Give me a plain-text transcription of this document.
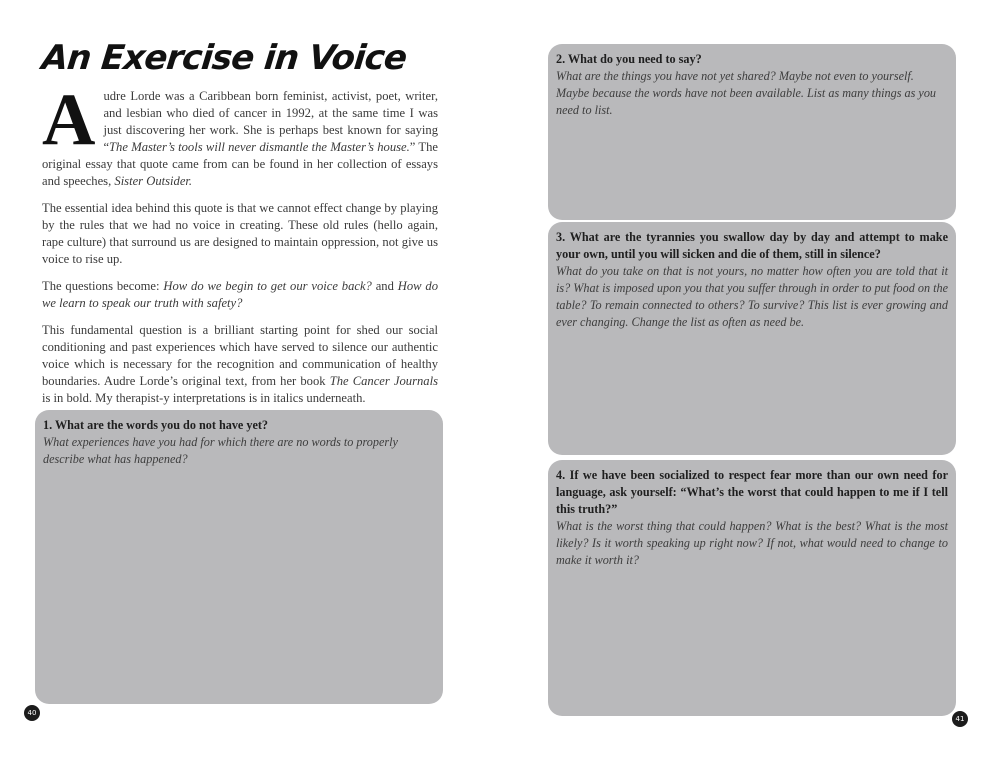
An Exercise in Voice

Audre Lorde was a Caribbean born feminist, activist, poet, writer, and lesbian who died of cancer in 1992, at the same time I was just discovering her work. She is perhaps best known for saying “The Master’s tools will never dismantle the Master’s house.” The original essay that quote came from can be found in her collection of essays and speeches, Sister Outsider.

The essential idea behind this quote is that we cannot effect change by playing by the rules that we had no voice in creating. These old rules (hello again, rape culture) that surround us are designed to maintain oppression, not give us voice to rise up.

The questions become: How do we begin to get our voice back? and How do we learn to speak our truth with safety?

This fundamental question is a brilliant starting point for shed our social conditioning and past experiences which have served to silence our authentic voice which is necessary for the recognition and communication of healthy boundaries. Audre Lorde’s original text, from her book The Cancer Journals is in bold. My therapist-y interpretations is in italics underneath.

1. What are the words you do not have yet?
What experiences have you had for which there are no words to properly describe what has happened?
40
2. What do you need to say?
What are the things you have not yet shared? Maybe not even to yourself. Maybe because the words have not been available. List as many things as you need to list.
3. What are the tyrannies you swallow day by day and attempt to make your own, until you will sicken and die of them, still in silence?
What do you take on that is not yours, no matter how often you are told that it is? What is imposed upon you that you suffer through in order to put food on the table? To remain connected to others? To survive? This list is ever growing and ever changing. Change the list as often as need be.
4. If we have been socialized to respect fear more than our own need for language, ask yourself: “What’s the worst that could happen to me if I tell this truth?”
What is the worst thing that could happen? What is the best? What is the most likely? Is it worth speaking up right now? If not, what would need to change to make it worth it?
41
